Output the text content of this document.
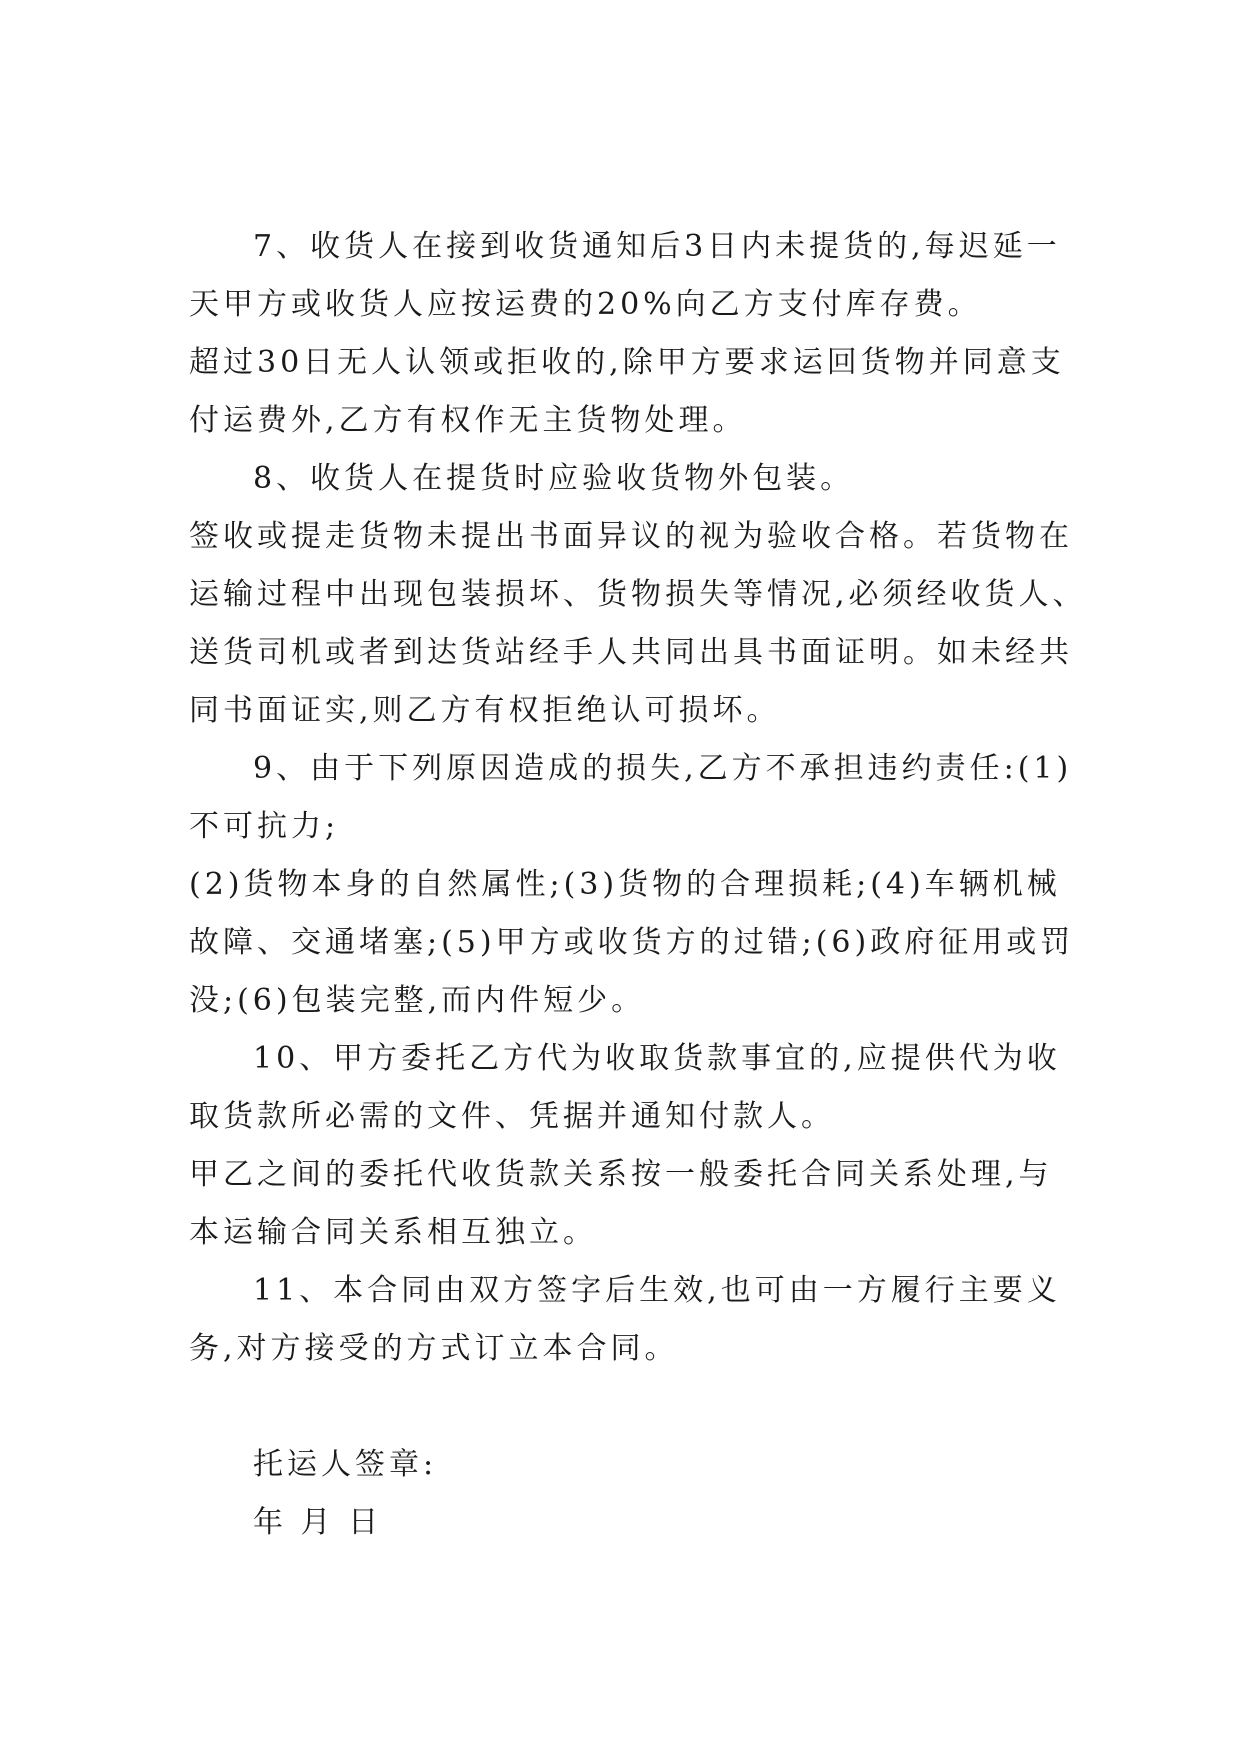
7、收货人在接到收货通知后3日内未提货的,每迟延一
天甲方或收货人应按运费的20%向乙方支付库存费。
超过30日无人认领或拒收的,除甲方要求运回货物并同意支
付运费外,乙方有权作无主货物处理。
8、收货人在提货时应验收货物外包装。
签收或提走货物未提出书面异议的视为验收合格。若货物在
运输过程中出现包装损坏、货物损失等情况,必须经收货人、
送货司机或者到达货站经手人共同出具书面证明。如未经共
同书面证实,则乙方有权拒绝认可损坏。
9、由于下列原因造成的损失,乙方不承担违约责任:(1)
不可抗力;
(2)货物本身的自然属性;(3)货物的合理损耗;(4)车辆机械
故障、交通堵塞;(5)甲方或收货方的过错;(6)政府征用或罚
没;(6)包装完整,而内件短少。
10、甲方委托乙方代为收取货款事宜的,应提供代为收
取货款所必需的文件、凭据并通知付款人。
甲乙之间的委托代收货款关系按一般委托合同关系处理,与
本运输合同关系相互独立。
11、本合同由双方签字后生效,也可由一方履行主要义
务,对方接受的方式订立本合同。
托运人签章:
年 月 日
